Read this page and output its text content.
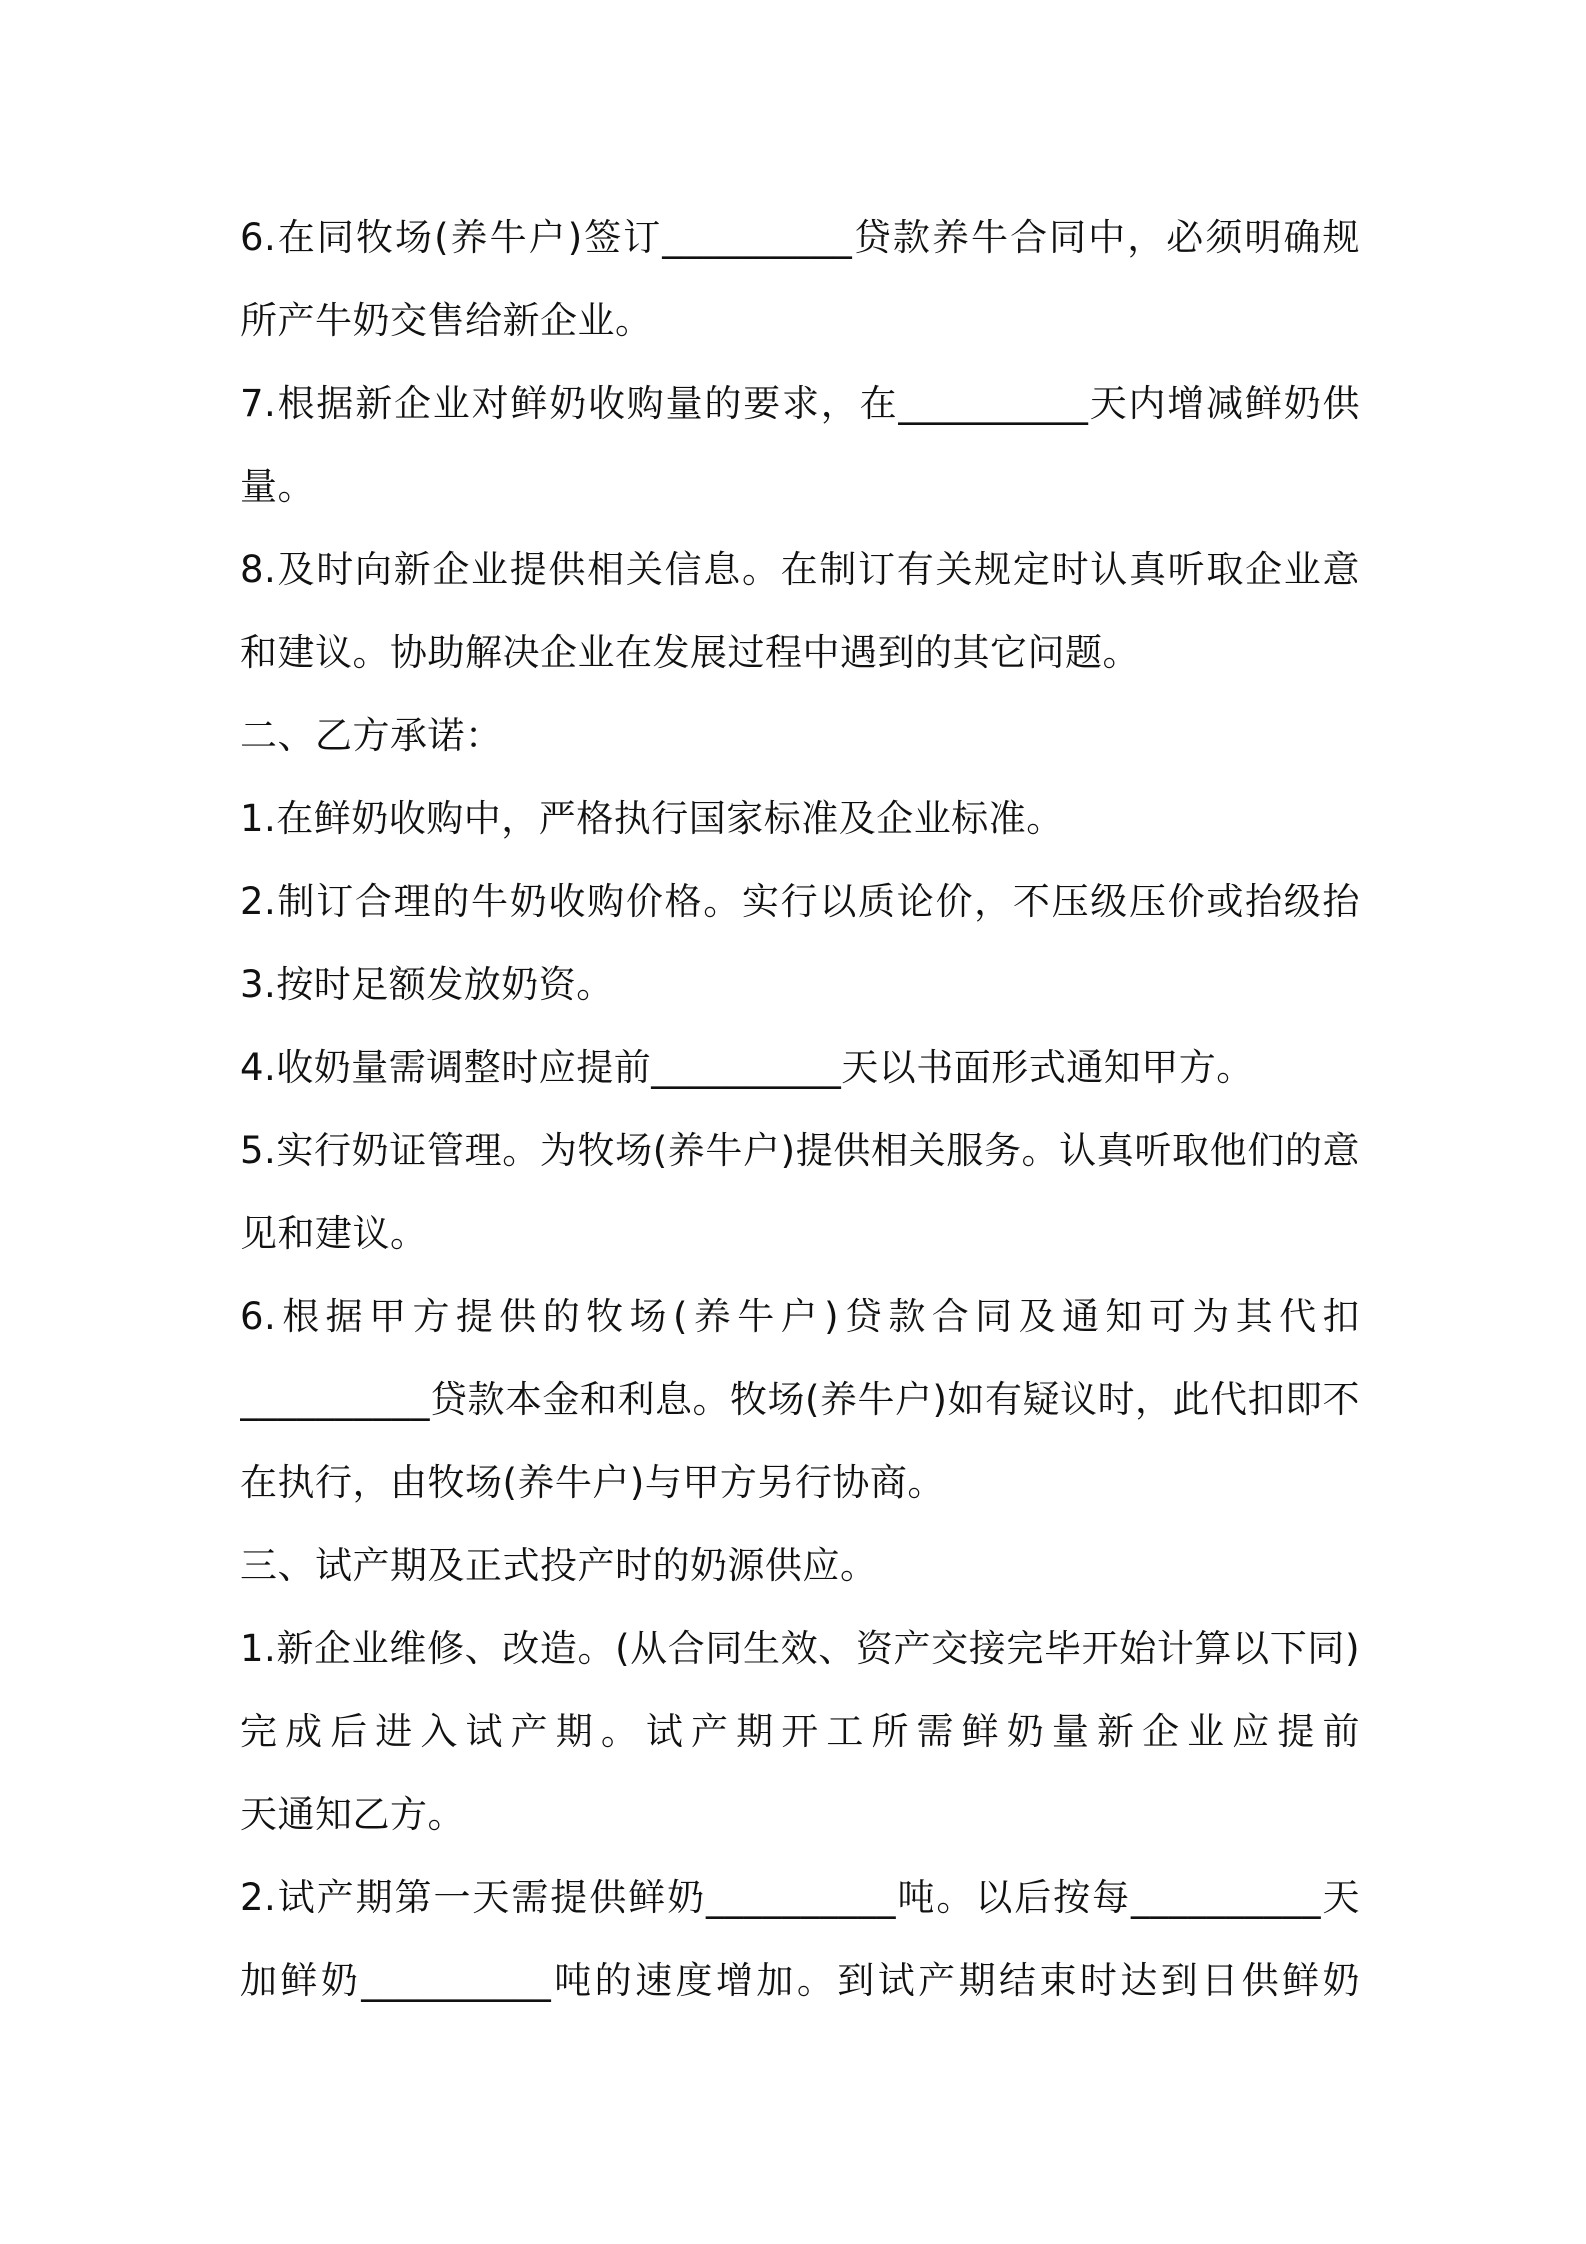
6.在同牧场(养牛户)签订__________贷款养牛合同中，必须明确规
所产牛奶交售给新企业。
7.根据新企业对鲜奶收购量的要求，在__________天内增减鲜奶供
量。
8.及时向新企业提供相关信息。在制订有关规定时认真听取企业意
和建议。协助解决企业在发展过程中遇到的其它问题。
二、乙方承诺：
1.在鲜奶收购中，严格执行国家标准及企业标准。
2.制订合理的牛奶收购价格。实行以质论价，不压级压价或抬级抬
3.按时足额发放奶资。
4.收奶量需调整时应提前__________天以书面形式通知甲方。
5.实行奶证管理。为牧场(养牛户)提供相关服务。认真听取他们的意
见和建议。
6.根据甲方提供的牧场(养牛户)贷款合同及通知可为其代扣
__________贷款本金和利息。牧场(养牛户)如有疑议时，此代扣即不
在执行，由牧场(养牛户)与甲方另行协商。
三、试产期及正式投产时的奶源供应。
1.新企业维修、改造。(从合同生效、资产交接完毕开始计算以下同)
完成后进入试产期。试产期开工所需鲜奶量新企业应提前
天通知乙方。
2.试产期第一天需提供鲜奶__________吨。以后按每__________天
加鲜奶__________吨的速度增加。到试产期结束时达到日供鲜奶
